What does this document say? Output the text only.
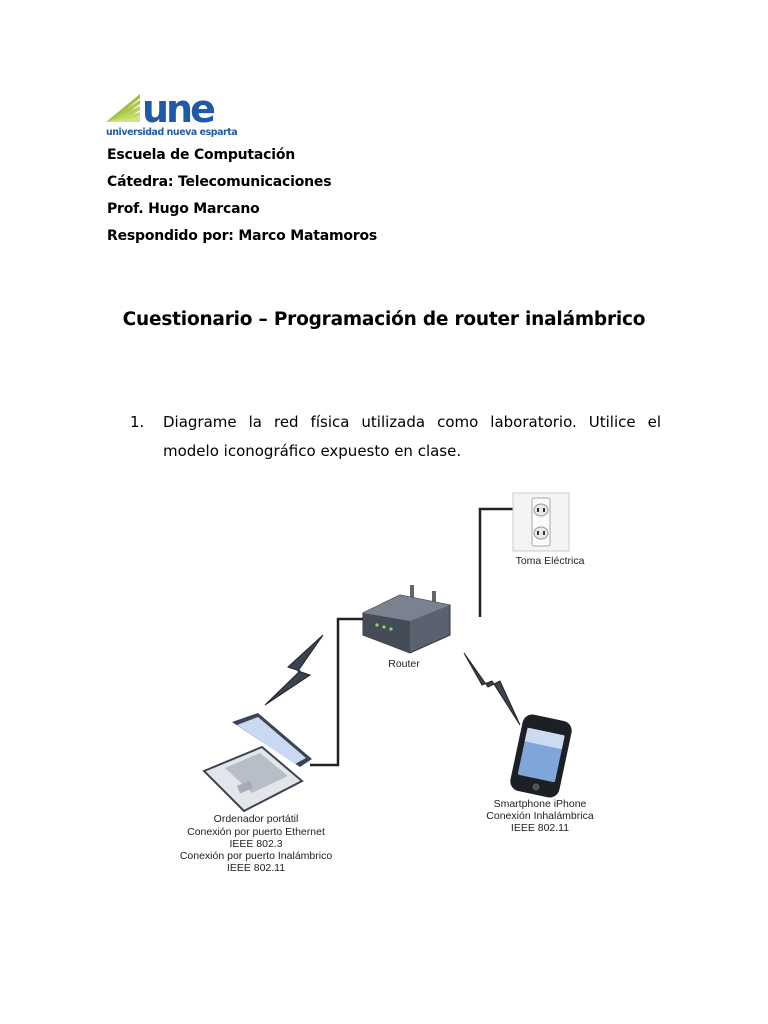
une
universidad nueva esparta
Escuela de Computación
Cátedra: Telecomunicaciones
Prof. Hugo Marcano
Respondido por: Marco Matamoros
Cuestionario – Programación de router inalámbrico
1. Diagrame la red física utilizada como laboratorio. Utilice el
modelo iconográfico expuesto en clase.
Toma Eléctrica
Router
Ordenador portátil
Conexión por puerto Ethernet
IEEE 802.3
Conexión por puerto Inalámbrico
IEEE 802.11
Smartphone iPhone
Conexión Inhalámbrica
IEEE 802.11
